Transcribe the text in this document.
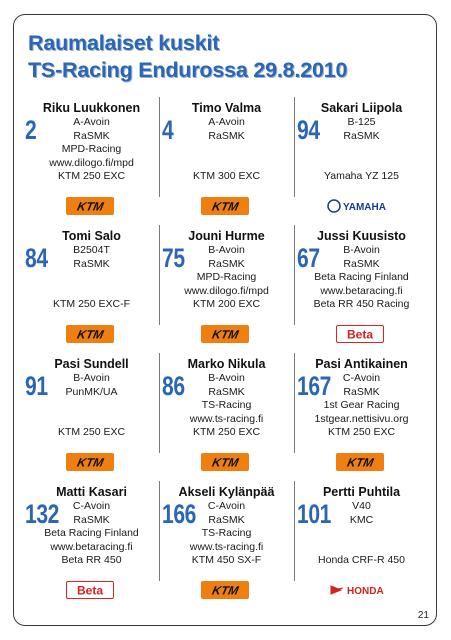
Raumalaiset kuskit
TS-Racing Endurossa 29.8.2010
Riku Luukkonen
2	A-Avoin
RaSMK
MPD-Racing
www.dilogo.fi/mpd
KTM 250 EXC
KTM
Timo Valma
4	A-Avoin
RaSMK

KTM 300 EXC
KTM
Sakari Liipola
94	B-125
RaSMK

Yamaha YZ 125
YAMAHA
Tomi Salo
84	B2504T
RaSMK

KTM 250 EXC-F
KTM
Jouni Hurme
75	B-Avoin
RaSMK
MPD-Racing
www.dilogo.fi/mpd
KTM 200 EXC
KTM
Jussi Kuusisto
67	B-Avoin
RaSMK
Beta Racing Finland
www.betaracing.fi
Beta RR 450 Racing
Beta
Pasi Sundell
91	B-Avoin
PunMK/UA

KTM 250 EXC
KTM
Marko Nikula
86	B-Avoin
RaSMK
TS-Racing
www.ts-racing.fi
KTM 250 EXC
KTM
Pasi Antikainen
167	C-Avoin
RaSMK
1st Gear Racing
1stgear.nettisivu.org
KTM 250 EXC
KTM
Matti Kasari
132	C-Avoin
RaSMK
Beta Racing Finland
www.betaracing.fi
Beta RR 450
Beta
Akseli Kylänpää
166	C-Avoin
RaSMK
TS-Racing
www.ts-racing.fi
KTM 450 SX-F
KTM
Pertti Puhtila
101	V40
KMC

Honda CRF-R 450
HONDA
21
